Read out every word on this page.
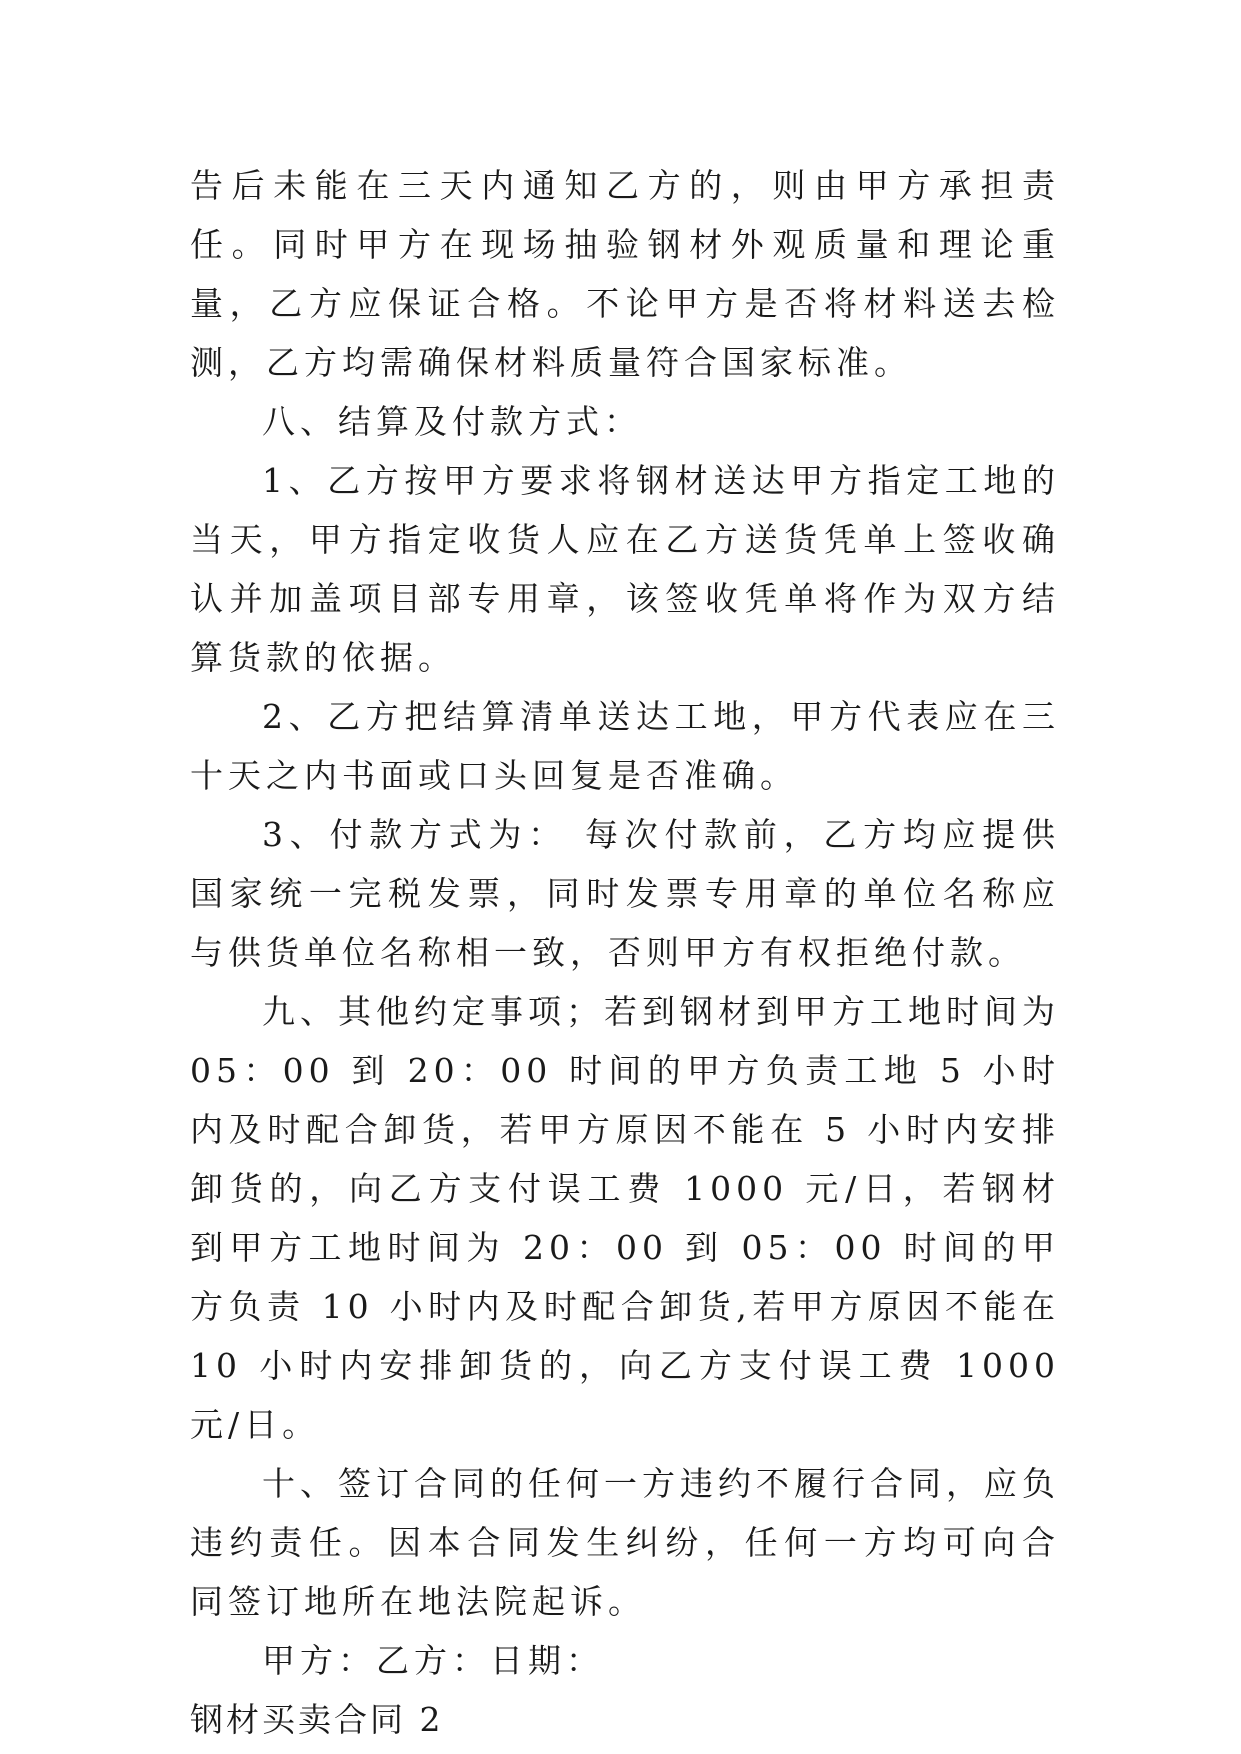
告后未能在三天内通知乙方的，则由甲方承担责任。同时甲方在现场抽验钢材外观质量和理论重量，乙方应保证合格。不论甲方是否将材料送去检测，乙方均需确保材料质量符合国家标准。

八、结算及付款方式：

1、乙方按甲方要求将钢材送达甲方指定工地的当天，甲方指定收货人应在乙方送货凭单上签收确认并加盖项目部专用章，该签收凭单将作为双方结算货款的依据。

2、乙方把结算清单送达工地，甲方代表应在三十天之内书面或口头回复是否准确。

3、付款方式为： 每次付款前，乙方均应提供国家统一完税发票，同时发票专用章的单位名称应与供货单位名称相一致，否则甲方有权拒绝付款。

九、其他约定事项；若到钢材到甲方工地时间为 05：00 到 20：00 时间的甲方负责工地 5 小时内及时配合卸货，若甲方原因不能在 5 小时内安排卸货的，向乙方支付误工费 1000 元/日，若钢材到甲方工地时间为 20：00 到 05：00 时间的甲方负责 10 小时内及时配合卸货,若甲方原因不能在 10 小时内安排卸货的，向乙方支付误工费 1000 元/日。

十、签订合同的任何一方违约不履行合同，应负违约责任。因本合同发生纠纷，任何一方均可向合同签订地所在地法院起诉。

甲方：乙方：日期：

钢材买卖合同 2
